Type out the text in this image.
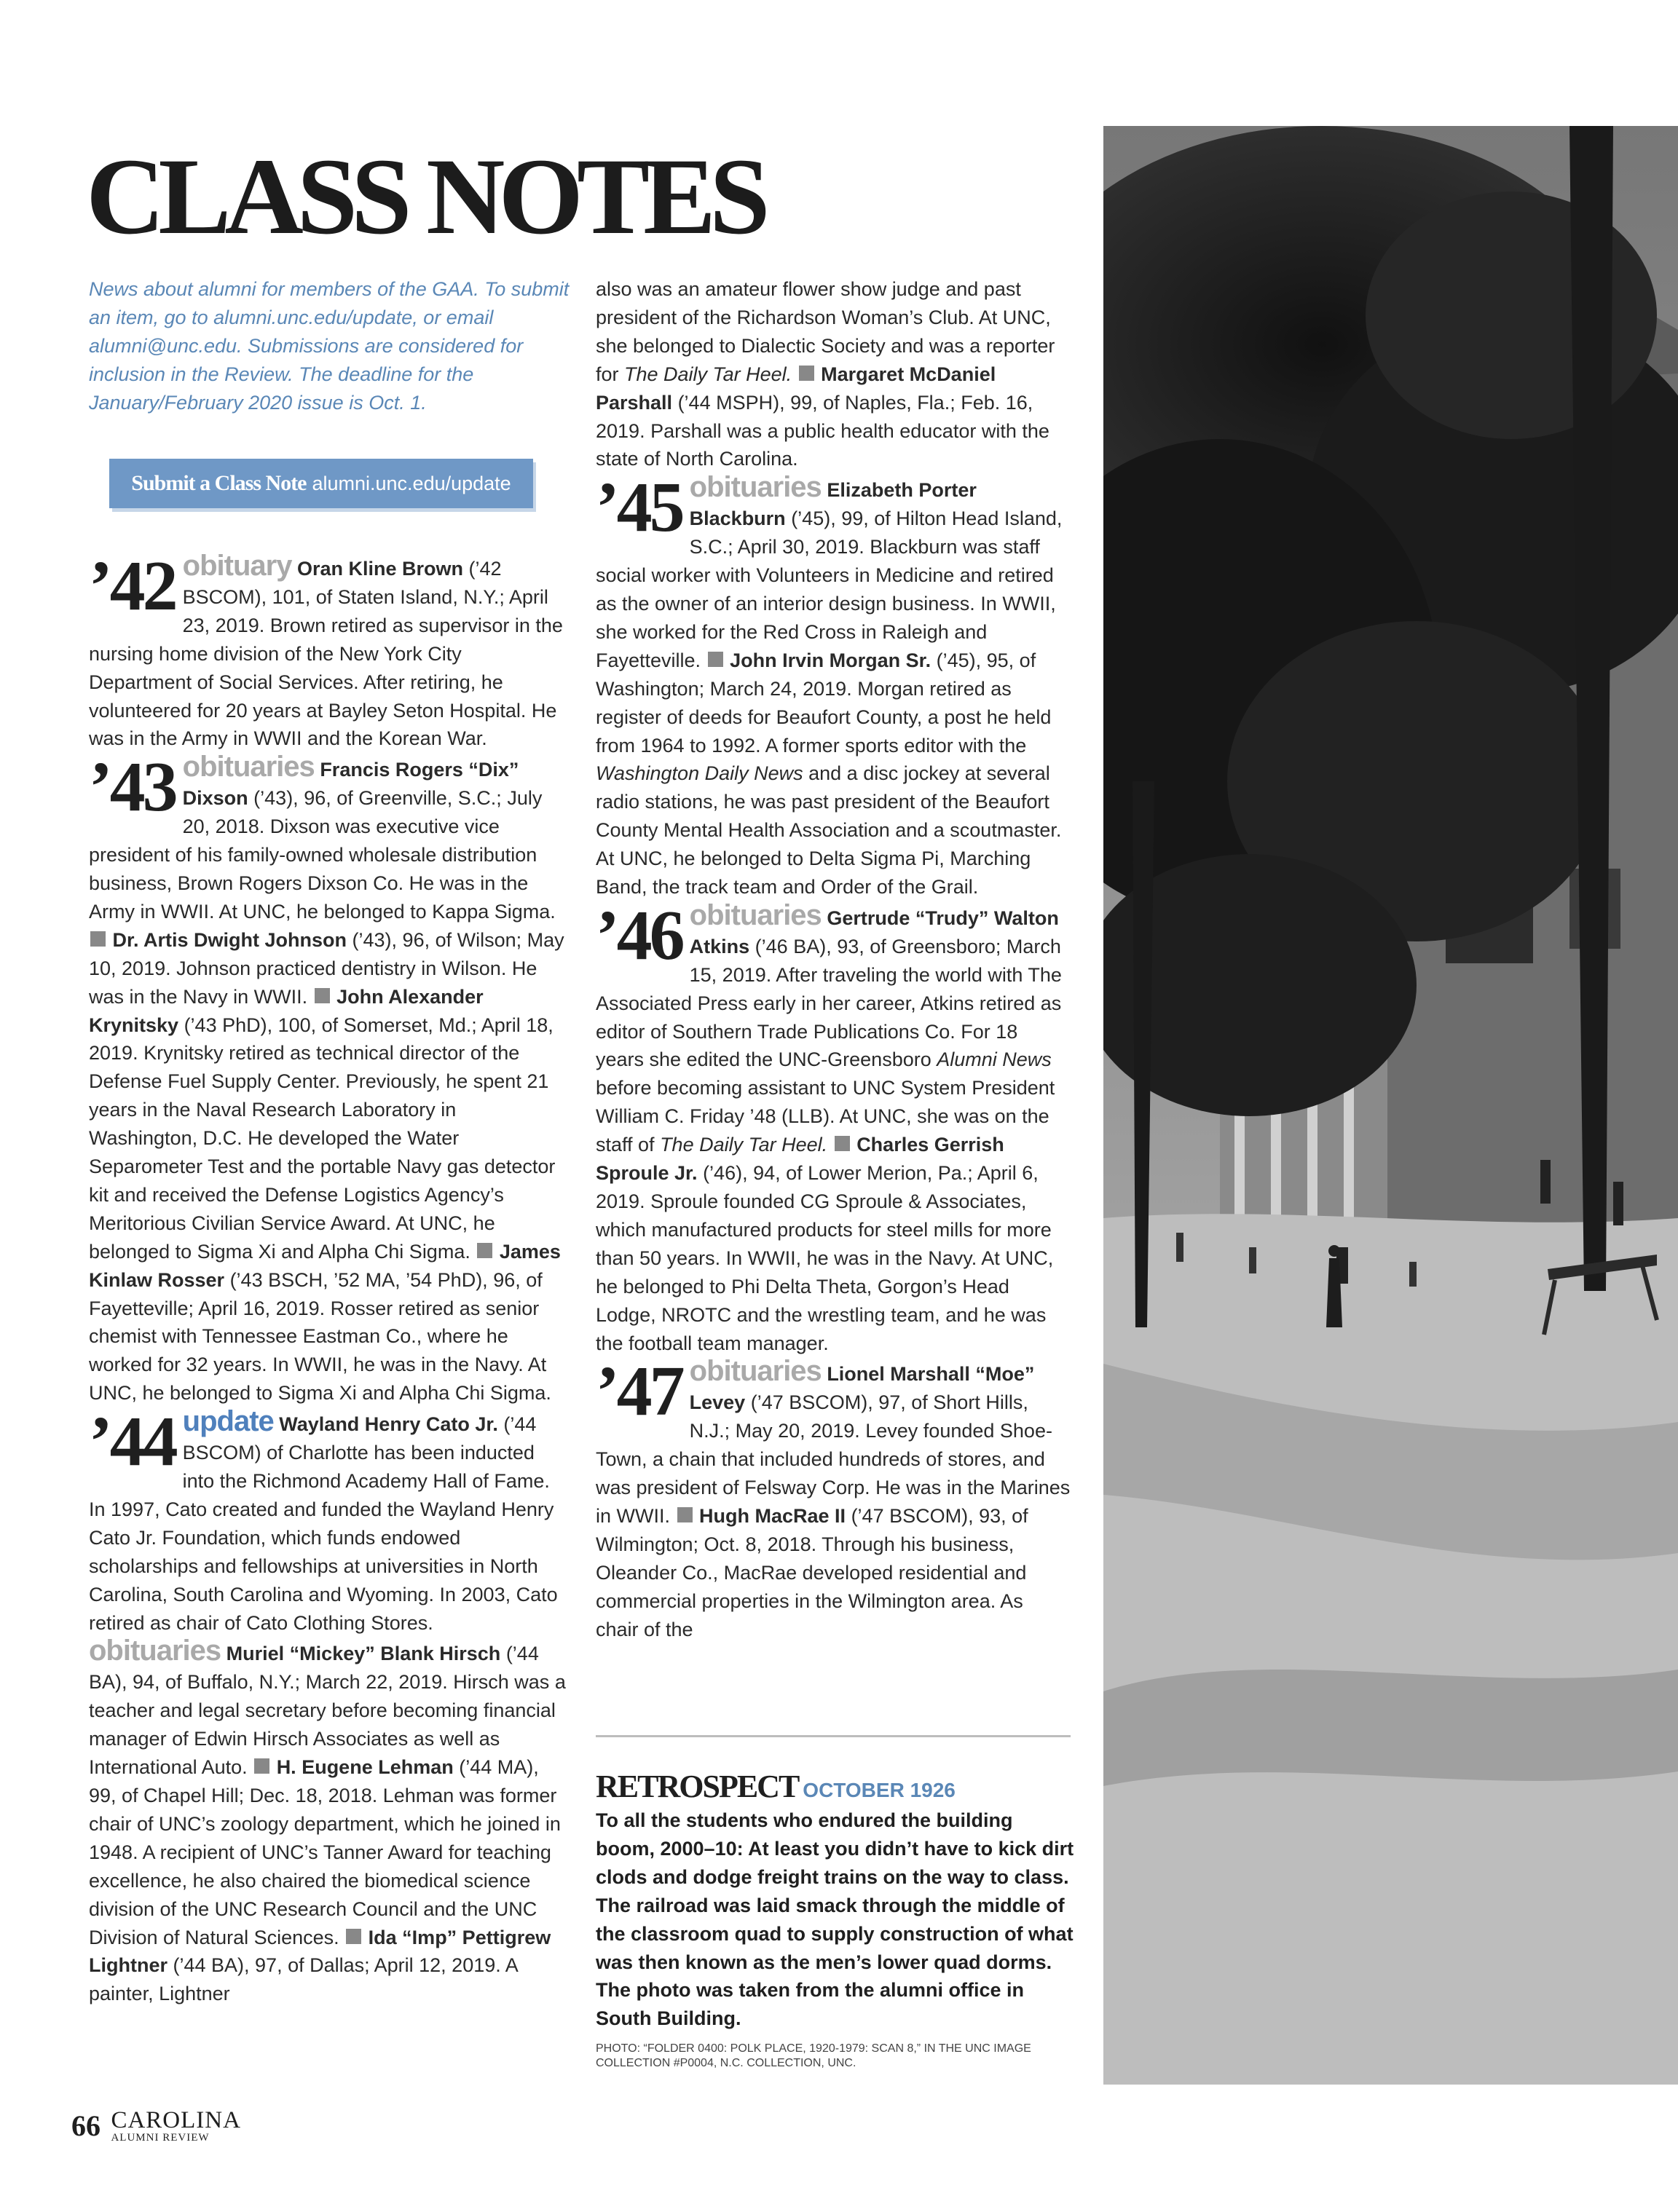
CLASS NOTES
News about alumni for members of the GAA. To submit an item, go to alumni.unc.edu/update, or email alumni@unc.edu. Submissions are considered for inclusion in the Review. The deadline for the January/February 2020 issue is Oct. 1.
Submit a Class Note alumni.unc.edu/update

’42 obituary Oran Kline Brown (’42 BSCOM), 101, of Staten Island, N.Y.; April 23, 2019. Brown retired as supervisor in the nursing home division of the New York City Department of Social Services. After retiring, he volunteered for 20 years at Bayley Seton Hospital. He was in the Army in WWII and the Korean War.

’43 obituaries Francis Rogers “Dix” Dixson (’43), 96, of Greenville, S.C.; July 20, 2018. Dixson was executive vice president of his family-owned wholesale distribution business, Brown Rogers Dixson Co. He was in the Army in WWII. At UNC, he belonged to Kappa Sigma.  Dr. Artis Dwight Johnson (’43), 96, of Wilson; May 10, 2019. Johnson practiced dentistry in Wilson. He was in the Navy in WWII.  John Alexander Krynitsky (’43 PhD), 100, of Somerset, Md.; April 18, 2019. Krynitsky retired as technical director of the Defense Fuel Supply Center. Previously, he spent 21 years in the Naval Research Laboratory in Washington, D.C. He developed the Water Separometer Test and the portable Navy gas detector kit and received the Defense Logistics Agency’s Meritorious Civilian Service Award. At UNC, he belonged to Sigma Xi and Alpha Chi Sigma.  James Kinlaw Rosser (’43 BSCH, ’52 MA, ’54 PhD), 96, of Fayetteville; April 16, 2019. Rosser retired as senior chemist with Tennessee Eastman Co., where he worked for 32 years. In WWII, he was in the Navy. At UNC, he belonged to Sigma Xi and Alpha Chi Sigma.

’44 update Wayland Henry Cato Jr. (’44 BSCOM) of Charlotte has been inducted into the Richmond Academy Hall of Fame. In 1997, Cato created and funded the Wayland Henry Cato Jr. Foundation, which funds endowed scholarships and fellowships at universities in North Carolina, South Carolina and Wyoming. In 2003, Cato retired as chair of Cato Clothing Stores.

obituaries Muriel “Mickey” Blank Hirsch (’44 BA), 94, of Buffalo, N.Y.; March 22, 2019. Hirsch was a teacher and legal secretary before becoming financial manager of Edwin Hirsch Associates as well as International Auto.  H. Eugene Lehman (’44 MA), 99, of Chapel Hill; Dec. 18, 2018. Lehman was former chair of UNC’s zoology department, which he joined in 1948. A recipient of UNC’s Tanner Award for teaching excellence, he also chaired the biomedical science division of the UNC Research Council and the UNC Division of Natural Sciences.  Ida “Imp” Pettigrew Lightner (’44 BA), 97, of Dallas; April 12, 2019. A painter, Lightner

also was an amateur flower show judge and past president of the Richardson Woman’s Club. At UNC, she belonged to Dialectic Society and was a reporter for The Daily Tar Heel. Margaret McDaniel Parshall (’44 MSPH), 99, of Naples, Fla.; Feb. 16, 2019. Parshall was a public health educator with the state of North Carolina.

’45 obituaries Elizabeth Porter Blackburn (’45), 99, of Hilton Head Island, S.C.; April 30, 2019. Blackburn was staff social worker with Volunteers in Medicine and retired as the owner of an interior design business. In WWII, she worked for the Red Cross in Raleigh and Fayetteville.  John Irvin Morgan Sr. (’45), 95, of Washington; March 24, 2019. Morgan retired as register of deeds for Beaufort County, a post he held from 1964 to 1992. A former sports editor with the Washington Daily News and a disc jockey at several radio stations, he was past president of the Beaufort County Mental Health Association and a scoutmaster. At UNC, he belonged to Delta Sigma Pi, Marching Band, the track team and Order of the Grail.

’46 obituaries Gertrude “Trudy” Walton Atkins (’46 BA), 93, of Greensboro; March 15, 2019. After traveling the world with The Associated Press early in her career, Atkins retired as editor of Southern Trade Publications Co. For 18 years she edited the UNC-Greensboro Alumni News before becoming assistant to UNC System President William C. Friday ’48 (LLB). At UNC, she was on the staff of The Daily Tar Heel. Charles Gerrish Sproule Jr. (’46), 94, of Lower Merion, Pa.; April 6, 2019. Sproule founded CG Sproule & Associates, which manufactured products for steel mills for more than 50 years. In WWII, he was in the Navy. At UNC, he belonged to Phi Delta Theta, Gorgon’s Head Lodge, NROTC and the wrestling team, and he was the football team manager.

’47 obituaries Lionel Marshall “Moe” Levey (’47 BSCOM), 97, of Short Hills, N.J.; May 20, 2019. Levey founded Shoe-Town, a chain that included hundreds of stores, and was president of Felsway Corp. He was in the Marines in WWII.  Hugh MacRae II (’47 BSCOM), 93, of Wilmington; Oct. 8, 2018. Through his business, Oleander Co., MacRae developed residential and commercial properties in the Wilmington area. As chair of the

RETROSPECT OCTOBER 1926
To all the students who endured the building boom, 2000–10: At least you didn’t have to kick dirt clods and dodge freight trains on the way to class. The railroad was laid smack through the middle of the classroom quad to supply construction of what was then known as the men’s lower quad dorms. The photo was taken from the alumni office in South Building.
PHOTO: “FOLDER 0400: POLK PLACE, 1920-1979: SCAN 8,” IN THE UNC IMAGE COLLECTION #P0004, N.C. COLLECTION, UNC.
66 CAROLINA
ALUMNI REVIEW
